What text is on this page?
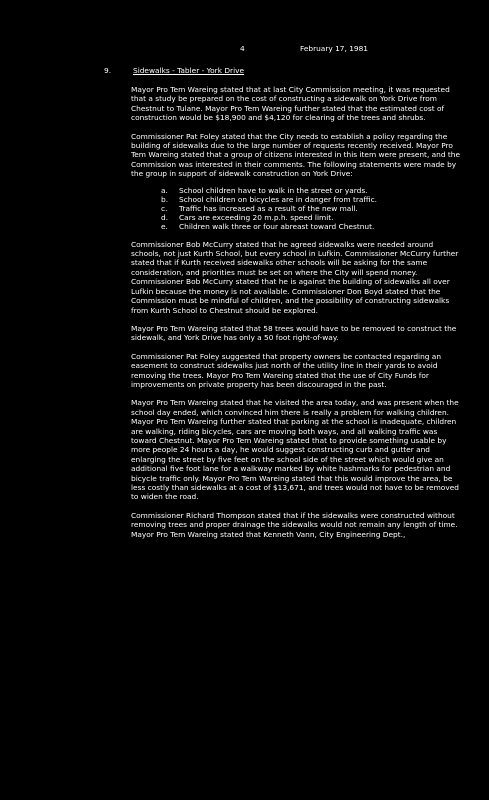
4	February 17, 1981
9.	Sidewalks - Tabler - York Drive

Mayor Pro Tem Wareing stated that at last City Commission meeting, it was requested that a study be prepared on the cost of constructing a sidewalk on York Drive from Chestnut to Tulane. Mayor Pro Tem Wareing further stated that the estimated cost of construction would be $18,900 and $4,120 for clearing of the trees and shrubs.

Commissioner Pat Foley stated that the City needs to establish a policy regarding the building of sidewalks due to the large number of requests recently received. Mayor Pro Tem Wareing stated that a group of citizens interested in this item were present, and the Commission was interested in their comments. The following statements were made by the group in support of sidewalk construction on York Drive:

a.	School children have to walk in the street or yards.
b.	School children on bicycles are in danger from traffic.
c.	Traffic has increased as a result of the new mall.
d.	Cars are exceeding 20 m.p.h. speed limit.
e.	Children walk three or four abreast toward Chestnut.

Commissioner Bob McCurry stated that he agreed sidewalks were needed around schools, not just Kurth School, but every school in Lufkin. Commissioner McCurry further stated that if Kurth received sidewalks other schools will be asking for the same consideration, and priorities must be set on where the City will spend money. Commissioner Bob McCurry stated that he is against the building of sidewalks all over Lufkin because the money is not available. Commissioner Don Boyd stated that the Commission must be mindful of children, and the possibility of constructing sidewalks from Kurth School to Chestnut should be explored.

Mayor Pro Tem Wareing stated that 58 trees would have to be removed to construct the sidewalk, and York Drive has only a 50 foot right-of-way.

Commissioner Pat Foley suggested that property owners be contacted regarding an easement to construct sidewalks just north of the utility line in their yards to avoid removing the trees. Mayor Pro Tem Wareing stated that the use of City Funds for improvements on private property has been discouraged in the past.

Mayor Pro Tem Wareing stated that he visited the area today, and was present when the school day ended, which convinced him there is really a problem for walking children. Mayor Pro Tem Wareing further stated that parking at the school is inadequate, children are walking, riding bicycles, cars are moving both ways, and all walking traffic was toward Chestnut. Mayor Pro Tem Wareing stated that to provide something usable by more people 24 hours a day, he would suggest constructing curb and gutter and enlarging the street by five feet on the school side of the street which would give an additional five foot lane for a walkway marked by white hashmarks for pedestrian and bicycle traffic only. Mayor Pro Tem Wareing stated that this would improve the area, be less costly than sidewalks at a cost of $13,671, and trees would not have to be removed to widen the road.

Commissioner Richard Thompson stated that if the sidewalks were constructed without removing trees and proper drainage the sidewalks would not remain any length of time. Mayor Pro Tem Wareing stated that Kenneth Vann, City Engineering Dept.,
